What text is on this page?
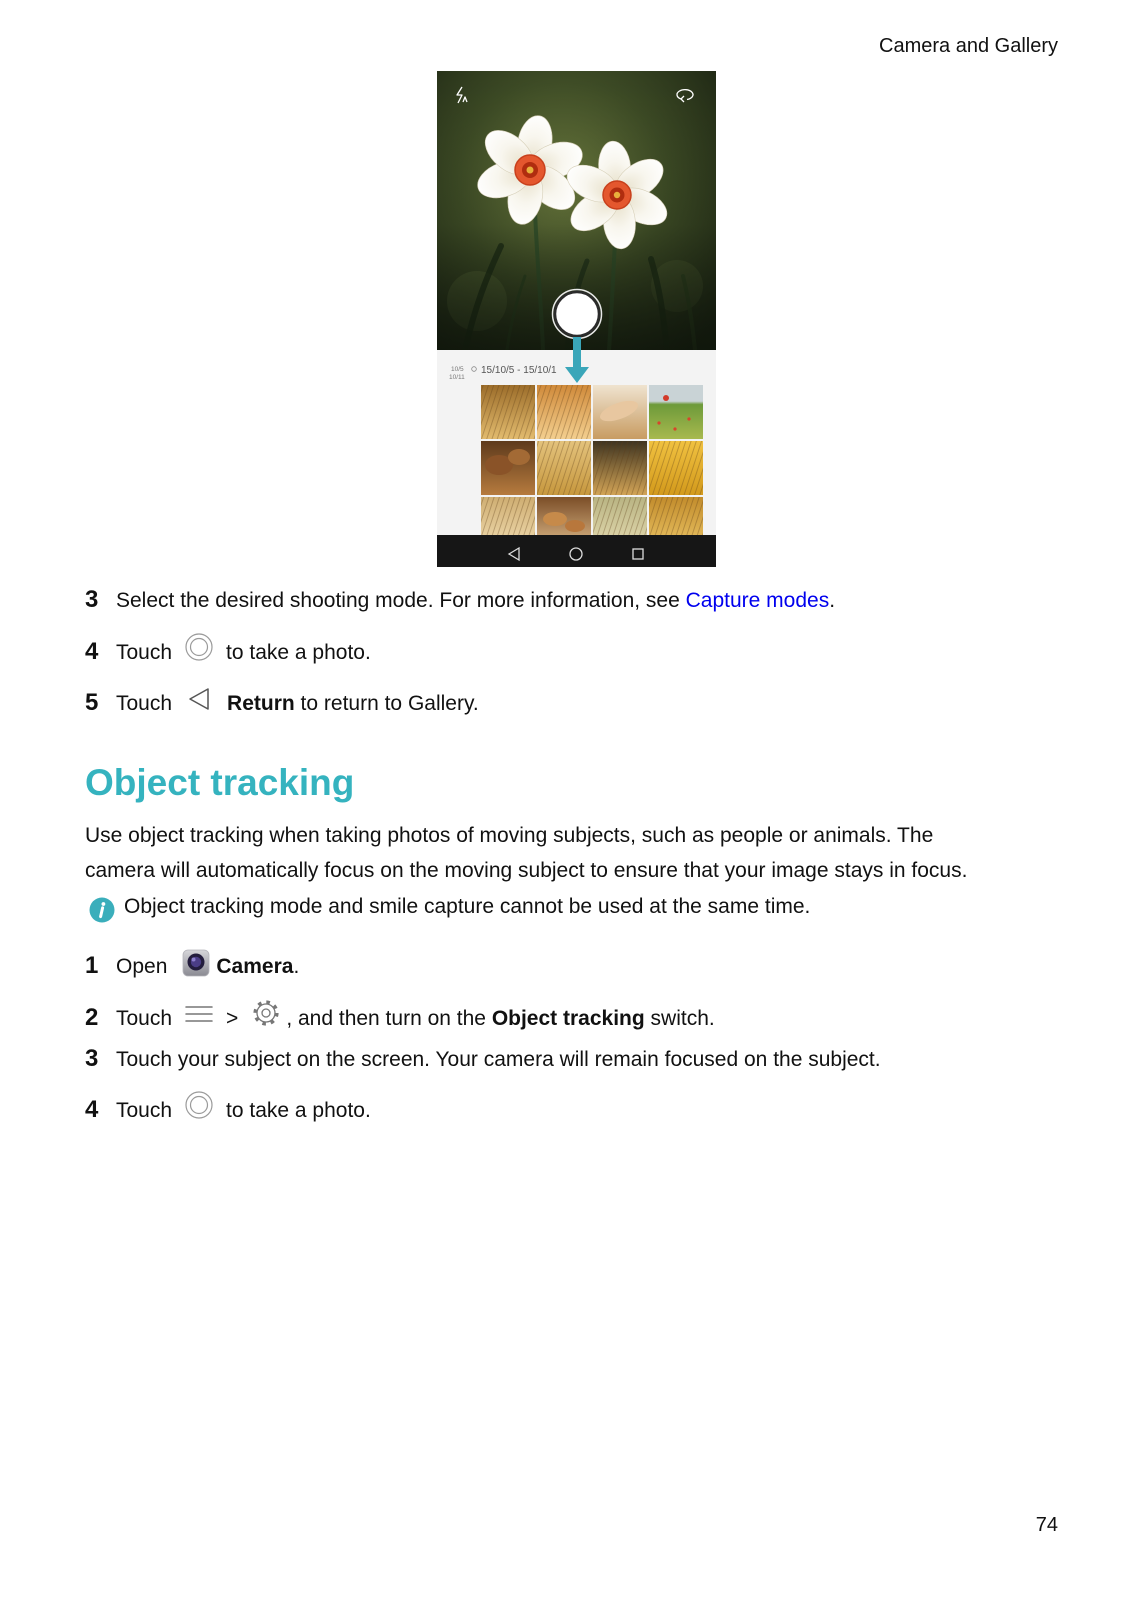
Camera and Gallery
10/5
10/11
15/10/5 - 15/10/1
3 Select the desired shooting mode. For more information, see Capture modes.
4 Touch	to take a photo.
5 Touch	Return to return to Gallery.
Object tracking
Use object tracking when taking photos of moving subjects, such as people or animals. The
camera will automatically focus on the moving subject to ensure that your image stays in focus.
Object tracking mode and smile capture cannot be used at the same time.
1 Open Camera.
2 Touch	> , and then turn on the Object tracking switch.
3 Touch your subject on the screen. Your camera will remain focused on the subject.
4 Touch	to take a photo.
74
